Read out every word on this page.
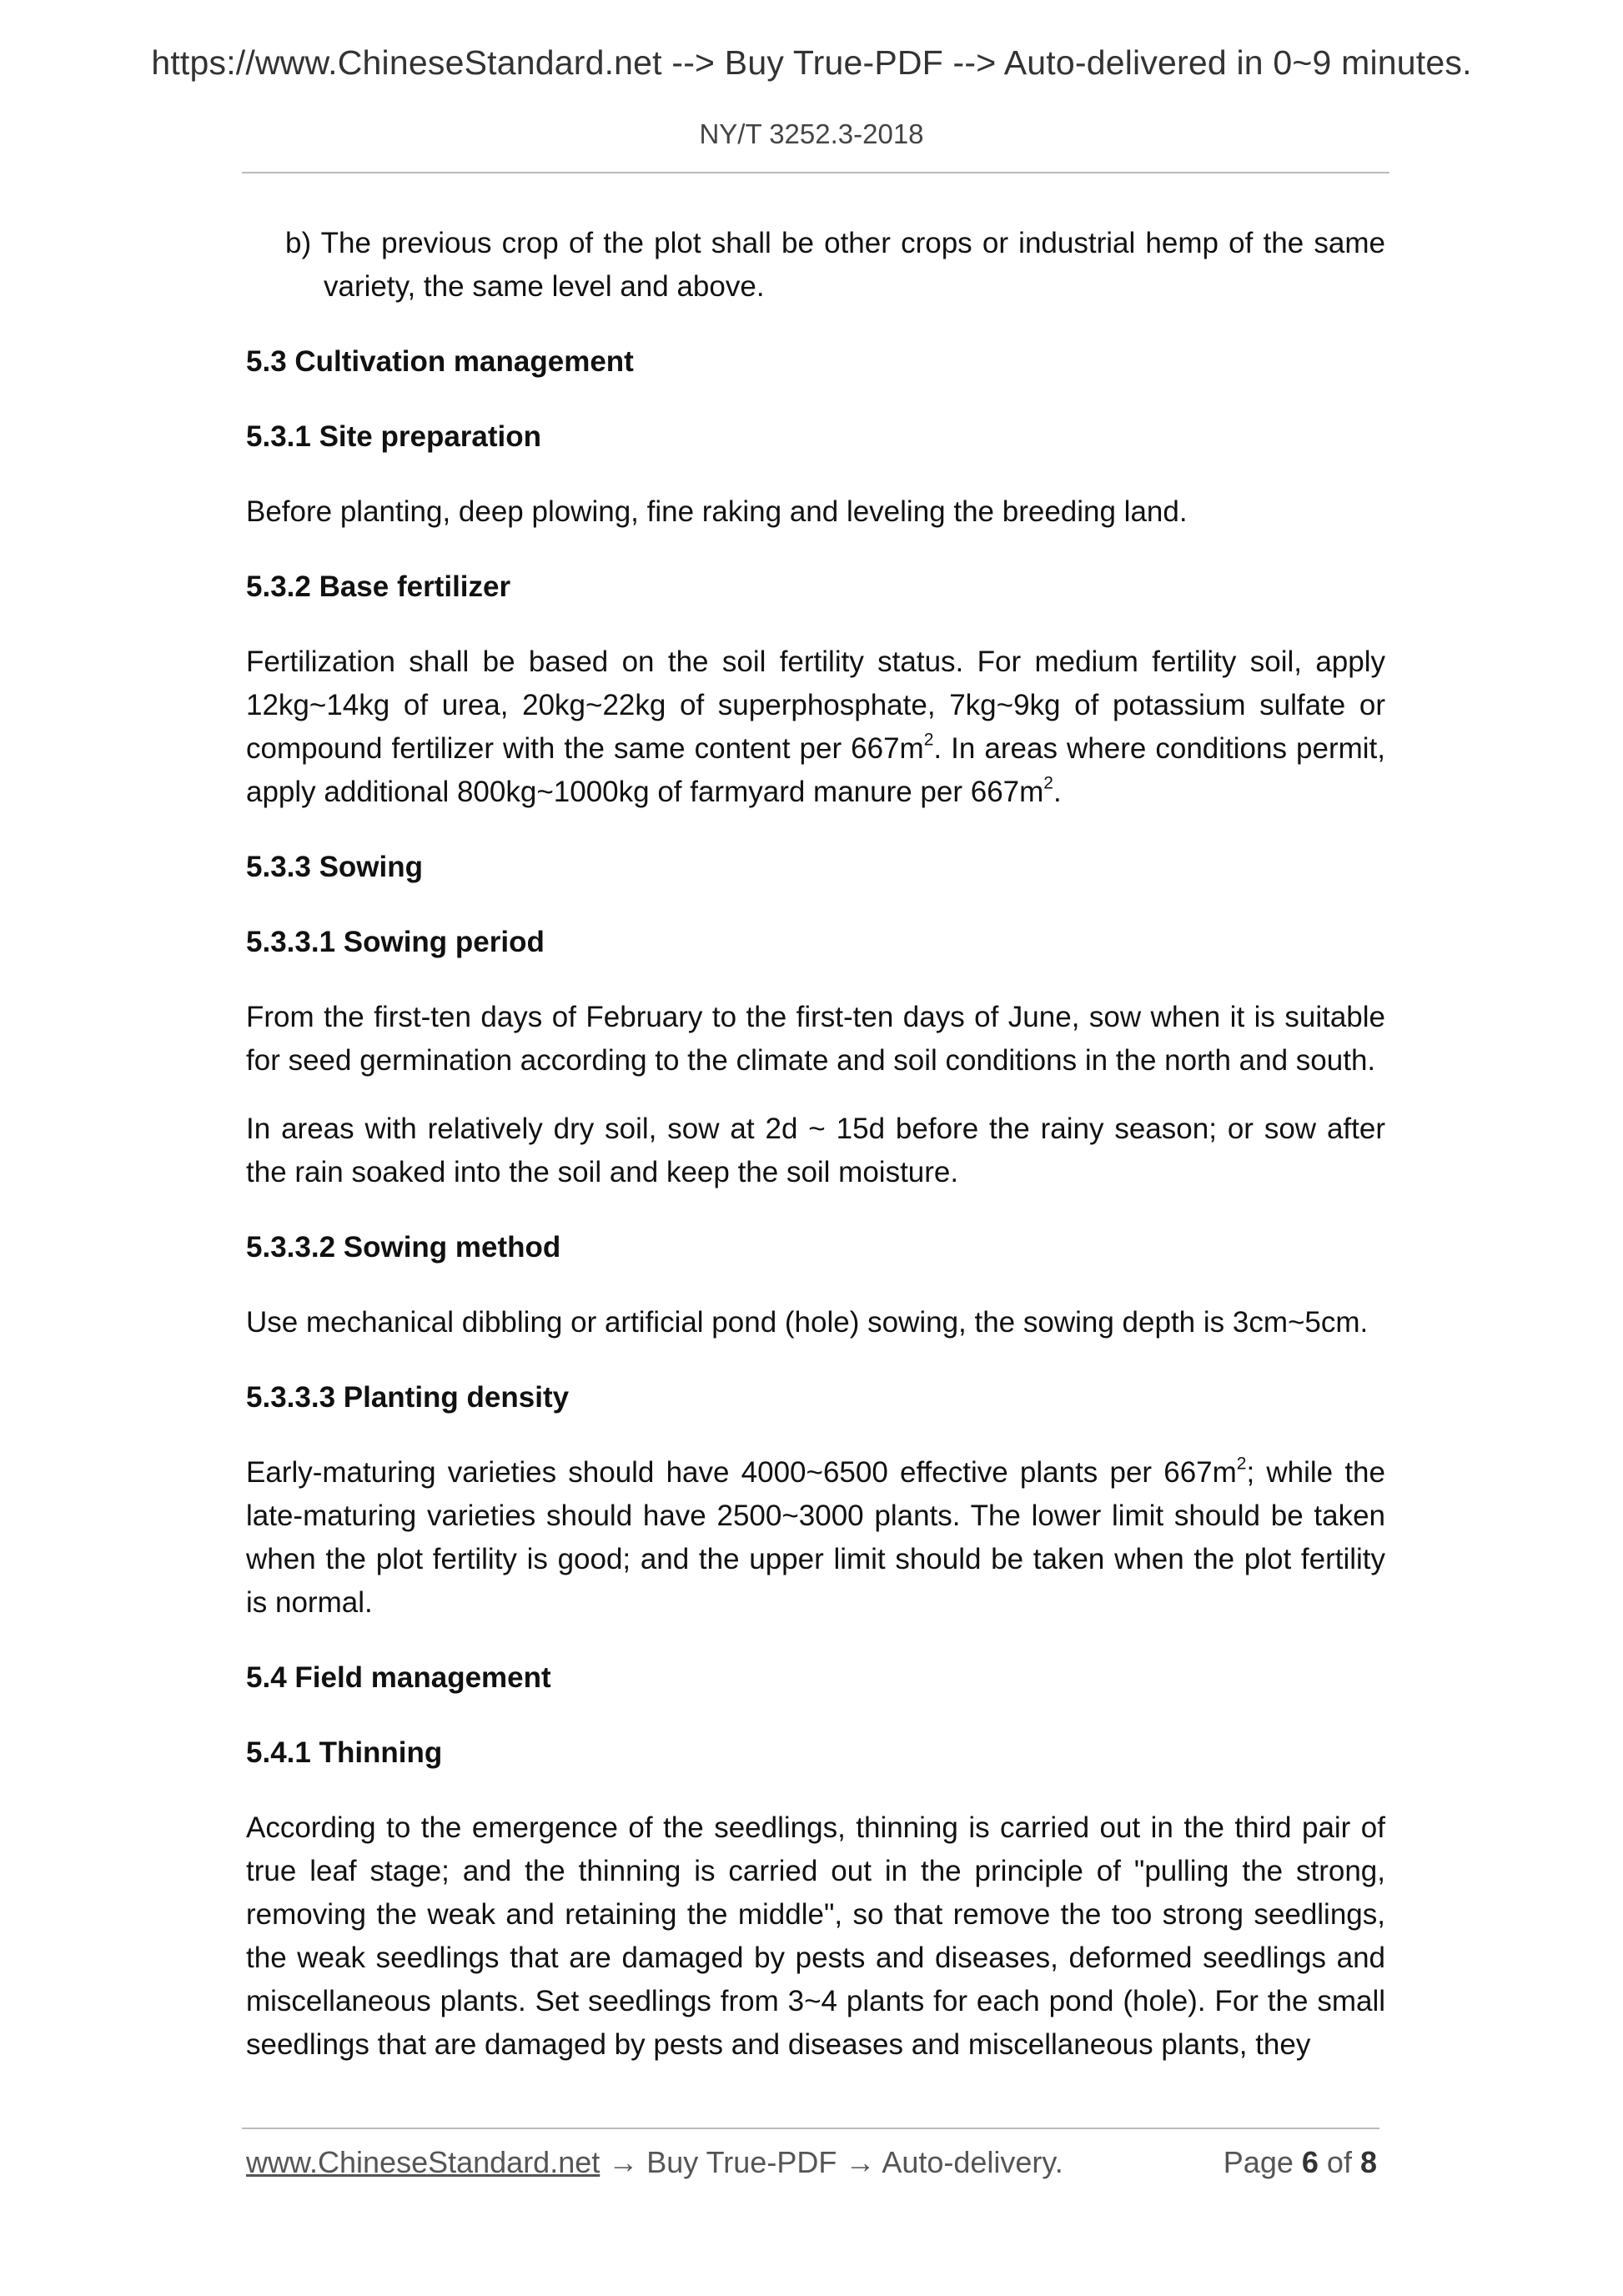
https://www.ChineseStandard.net --> Buy True-PDF --> Auto-delivered in 0~9 minutes.
NY/T 3252.3-2018

b) The previous crop of the plot shall be other crops or industrial hemp of the same variety, the same level and above.

5.3 Cultivation management

5.3.1 Site preparation

Before planting, deep plowing, fine raking and leveling the breeding land.

5.3.2 Base fertilizer

Fertilization shall be based on the soil fertility status. For medium fertility soil, apply 12kg~14kg of urea, 20kg~22kg of superphosphate, 7kg~9kg of potassium sulfate or compound fertilizer with the same content per $667m^2$. In areas where conditions permit, apply additional 800kg~1000kg of farmyard manure per $667m^2$.

5.3.3 Sowing

5.3.3.1 Sowing period

From the first-ten days of February to the first-ten days of June, sow when it is suitable for seed germination according to the climate and soil conditions in the north and south.

In areas with relatively dry soil, sow at 2d ~ 15d before the rainy season; or sow after the rain soaked into the soil and keep the soil moisture.

5.3.3.2 Sowing method

Use mechanical dibbling or artificial pond (hole) sowing, the sowing depth is 3cm~5cm.

5.3.3.3 Planting density

Early-maturing varieties should have 4000~6500 effective plants per $667m^2$; while the late-maturing varieties should have 2500~3000 plants. The lower limit should be taken when the plot fertility is good; and the upper limit should be taken when the plot fertility is normal.

5.4 Field management

5.4.1 Thinning

According to the emergence of the seedlings, thinning is carried out in the third pair of true leaf stage; and the thinning is carried out in the principle of "pulling the strong, removing the weak and retaining the middle", so that remove the too strong seedlings, the weak seedlings that are damaged by pests and diseases, deformed seedlings and miscellaneous plants. Set seedlings from 3~4 plants for each pond (hole). For the small seedlings that are damaged by pests and diseases and miscellaneous plants, they

www.ChineseStandard.net → Buy True-PDF → Auto-delivery.	Page 6 of 8
